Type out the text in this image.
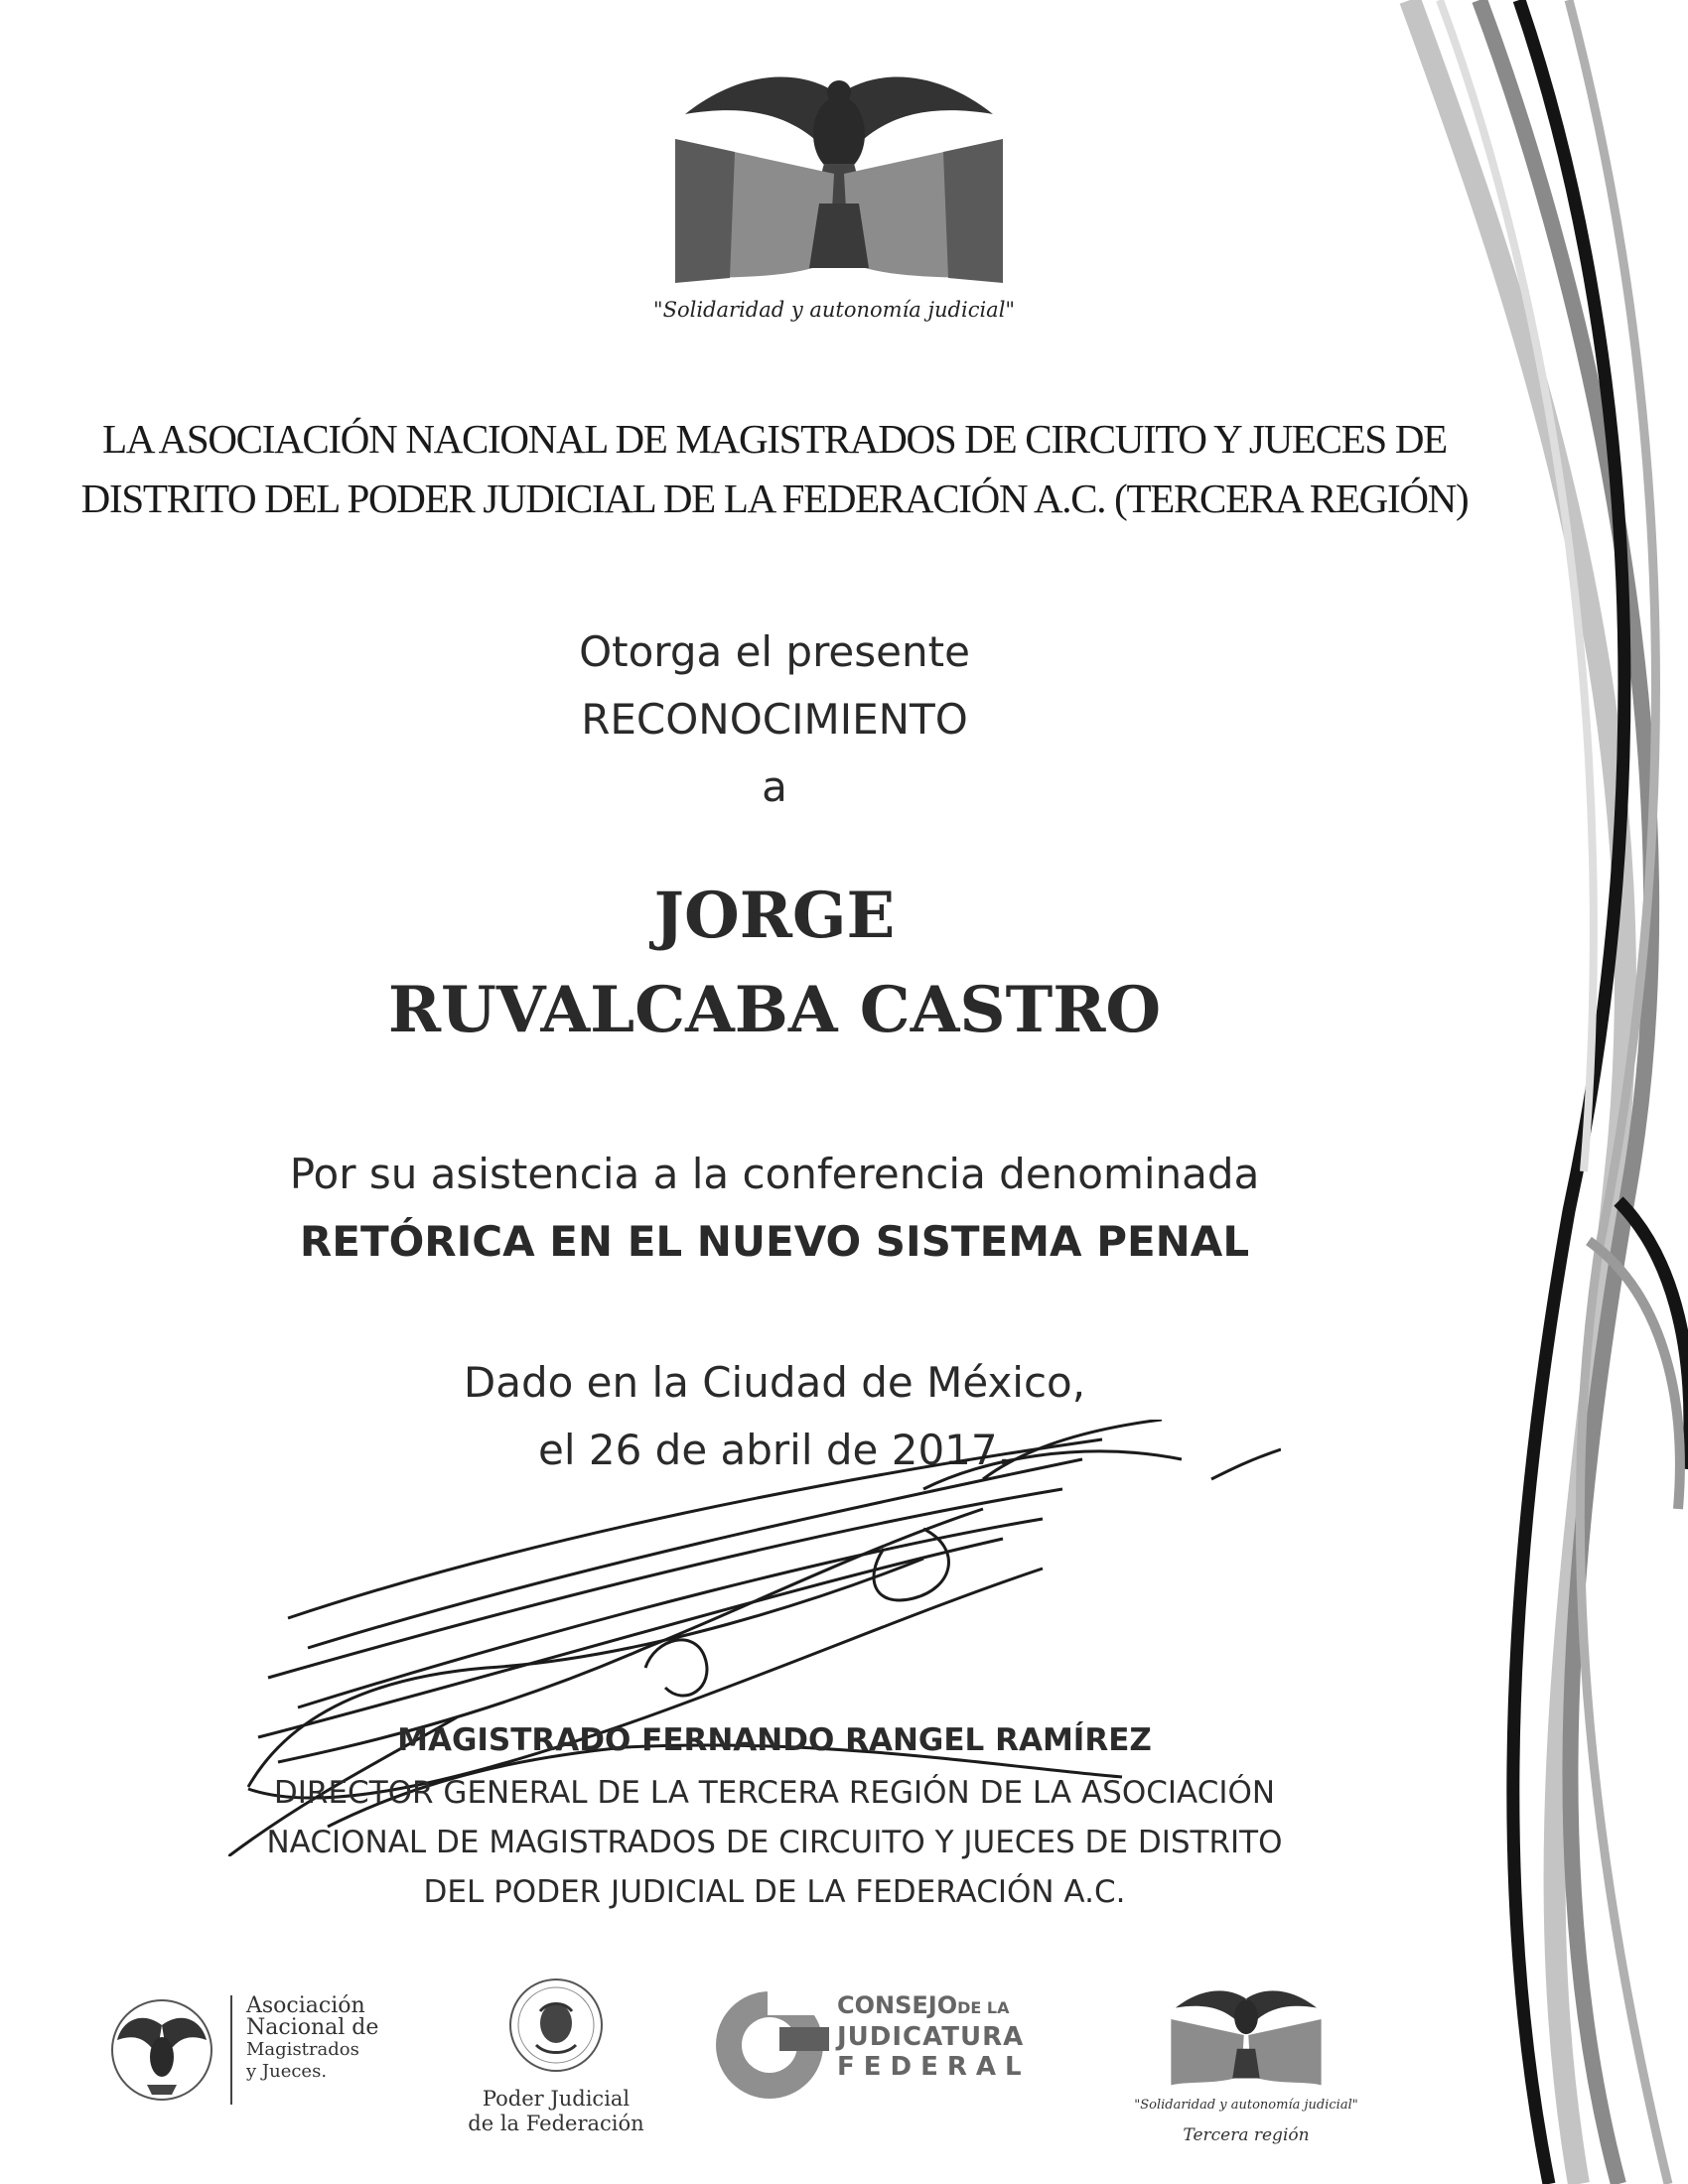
"Solidaridad y autonomía judicial"
LA ASOCIACIÓN NACIONAL DE MAGISTRADOS DE CIRCUITO Y JUECES DE
DISTRITO DEL PODER JUDICIAL DE LA FEDERACIÓN A.C. (TERCERA REGIÓN)
Otorga el presente
RECONOCIMIENTO
a
JORGE
RUVALCABA CASTRO
Por su asistencia a la conferencia denominada
RETÓRICA EN EL NUEVO SISTEMA PENAL
Dado en la Ciudad de México,
el 26 de abril de 2017.
MAGISTRADO FERNANDO RANGEL RAMÍREZ
DIRECTOR GENERAL DE LA TERCERA REGIÓN DE LA ASOCIACIÓN
NACIONAL DE MAGISTRADOS DE CIRCUITO Y JUECES DE DISTRITO
DEL PODER JUDICIAL DE LA FEDERACIÓN A.C.
Asociación
Nacional de
Magistrados
y Jueces.
Poder Judicial
de la Federación
CONSEJODE LA
JUDICATURA
FEDERAL
"Solidaridad y autonomía judicial"
Tercera región
